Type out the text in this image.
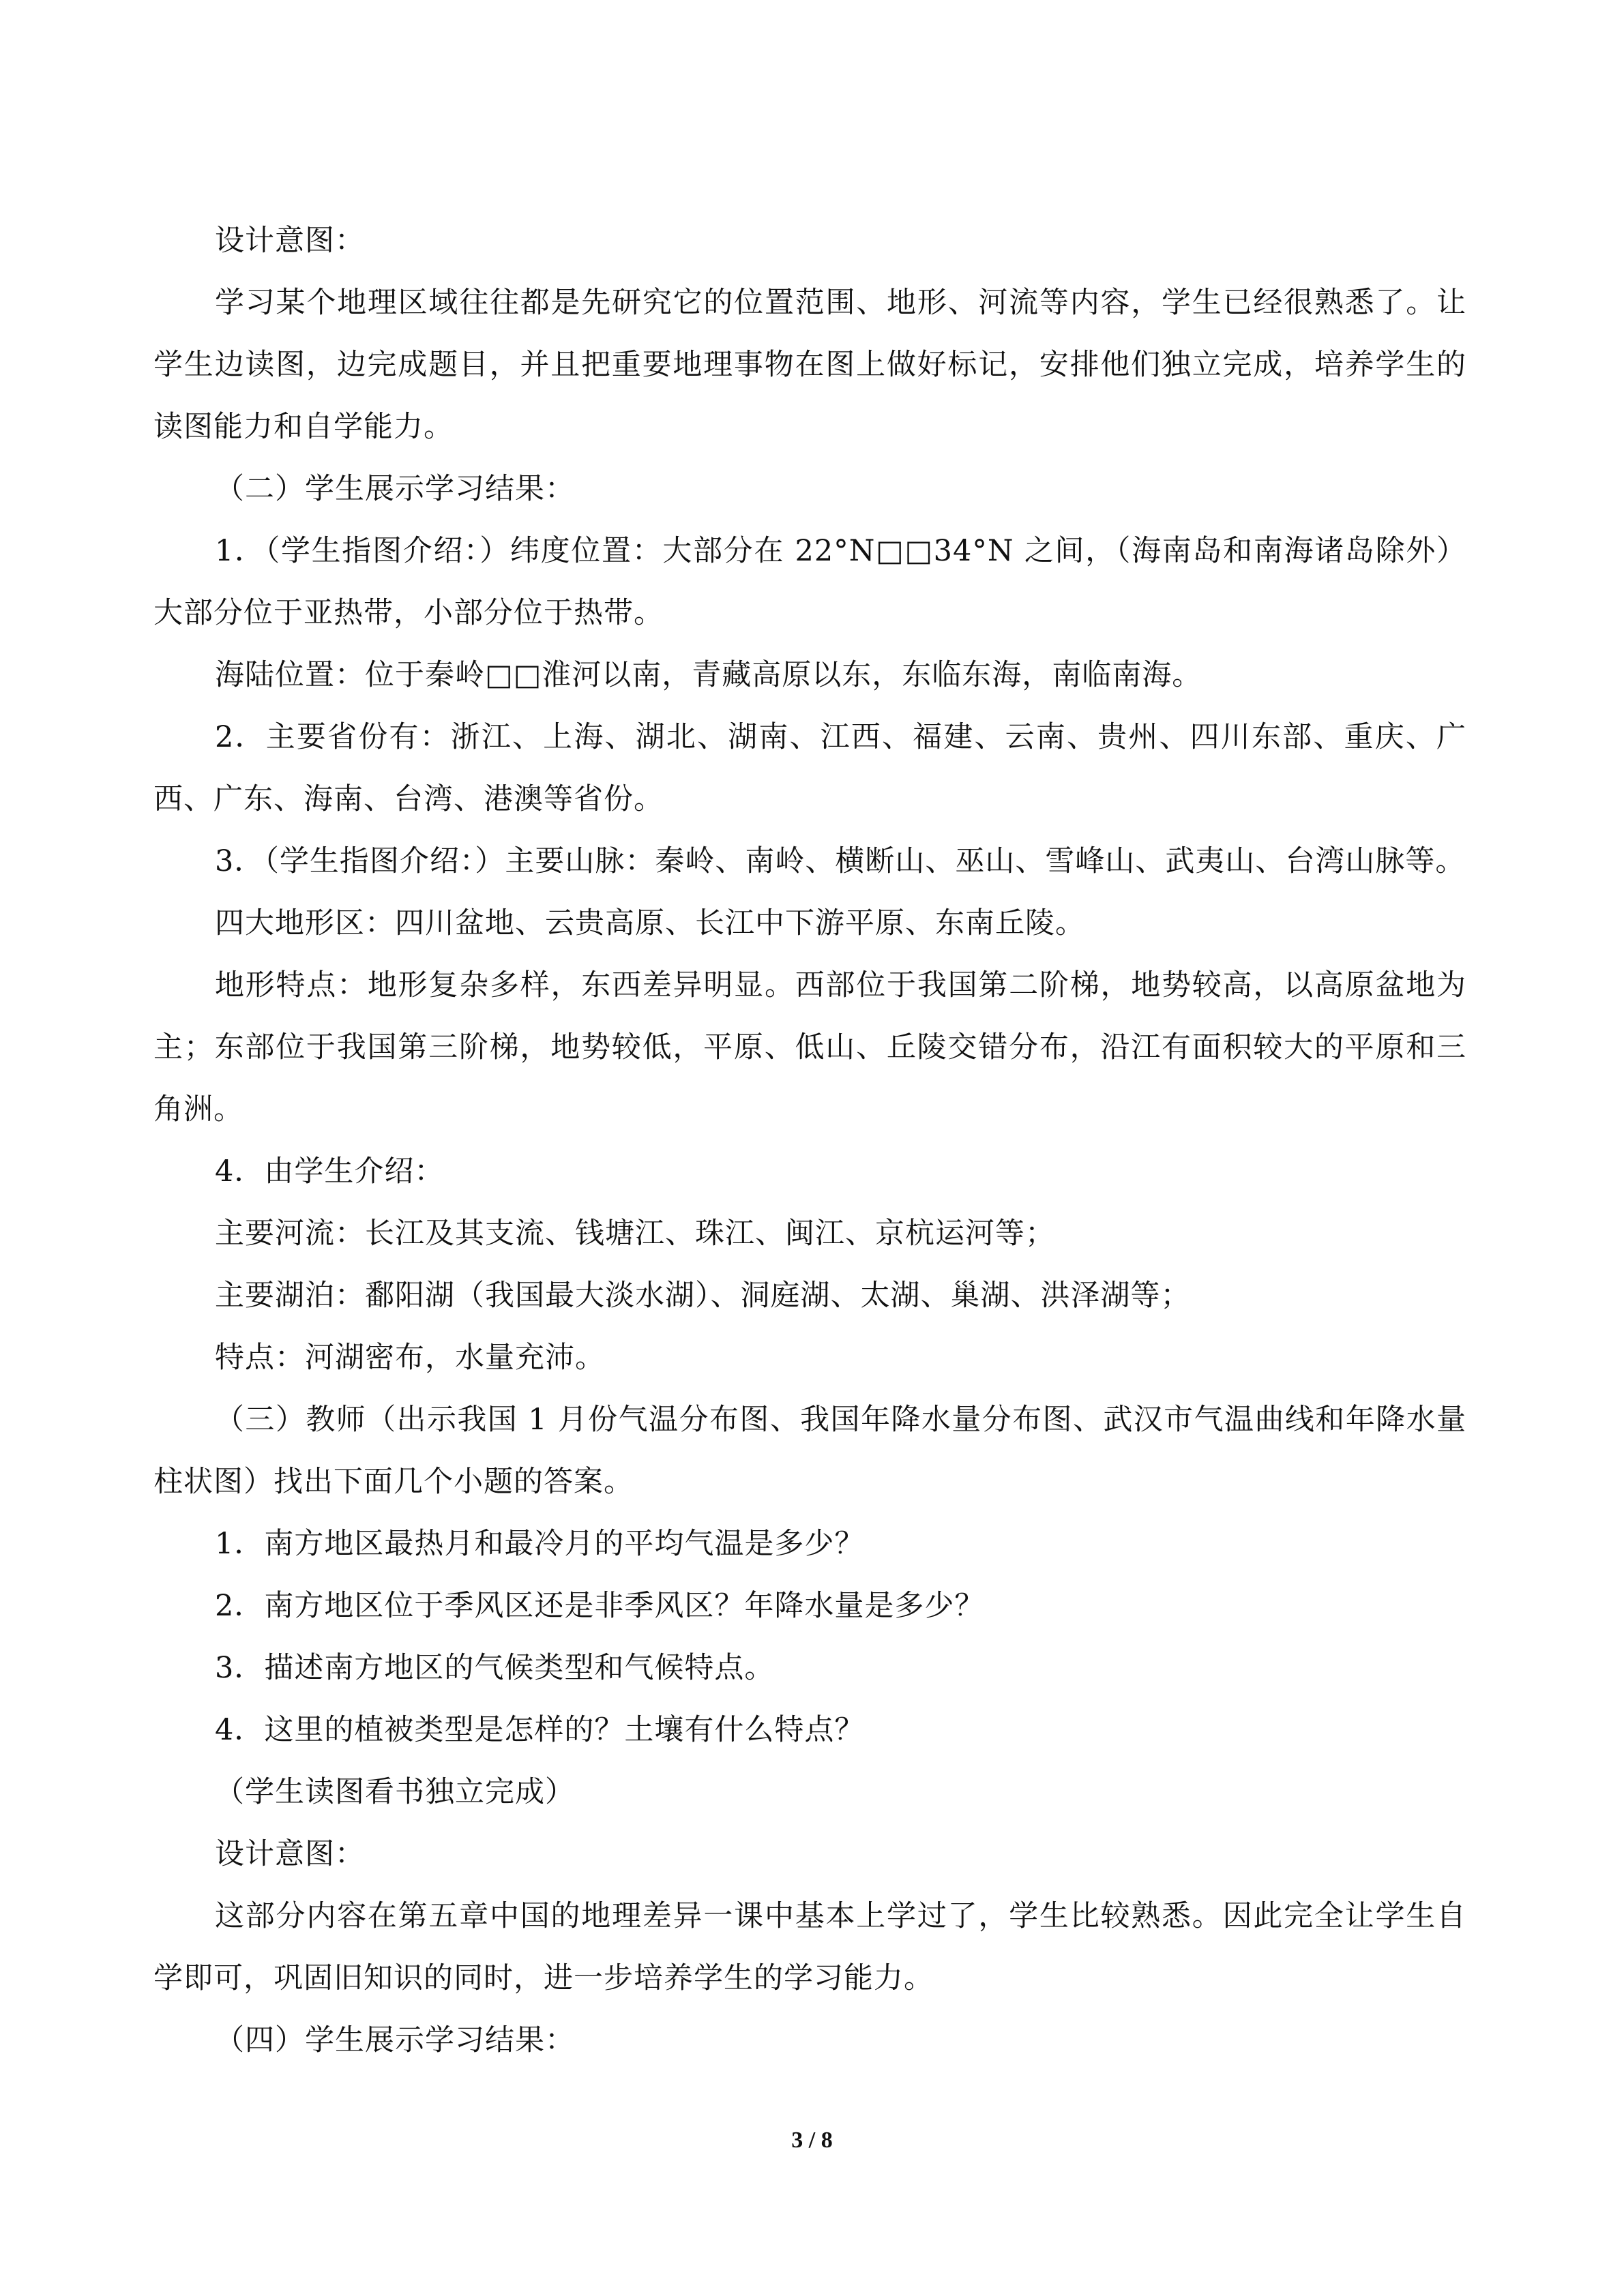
设计意图：

学习某个地理区域往往都是先研究它的位置范围、地形、河流等内容，学生已经很熟悉了。让学生边读图，边完成题目，并且把重要地理事物在图上做好标记，安排他们独立完成，培养学生的读图能力和自学能力。

（二）学生展示学习结果：

1．（学生指图介绍：）纬度位置：大部分在 22°N□□34°N 之间，（海南岛和南海诸岛除外）大部分位于亚热带，小部分位于热带。

海陆位置：位于秦岭□□淮河以南，青藏高原以东，东临东海，南临南海。

2．主要省份有：浙江、上海、湖北、湖南、江西、福建、云南、贵州、四川东部、重庆、广西、广东、海南、台湾、港澳等省份。

3．（学生指图介绍：）主要山脉：秦岭、南岭、横断山、巫山、雪峰山、武夷山、台湾山脉等。

四大地形区：四川盆地、云贵高原、长江中下游平原、东南丘陵。

地形特点：地形复杂多样，东西差异明显。西部位于我国第二阶梯，地势较高，以高原盆地为主；东部位于我国第三阶梯，地势较低，平原、低山、丘陵交错分布，沿江有面积较大的平原和三角洲。

4．由学生介绍：

主要河流：长江及其支流、钱塘江、珠江、闽江、京杭运河等；

主要湖泊：鄱阳湖（我国最大淡水湖）、洞庭湖、太湖、巢湖、洪泽湖等；

特点：河湖密布，水量充沛。

（三）教师（出示我国 1 月份气温分布图、我国年降水量分布图、武汉市气温曲线和年降水量柱状图）找出下面几个小题的答案。

1．南方地区最热月和最冷月的平均气温是多少？

2．南方地区位于季风区还是非季风区？年降水量是多少？

3．描述南方地区的气候类型和气候特点。

4．这里的植被类型是怎样的？土壤有什么特点？

（学生读图看书独立完成）

设计意图：

这部分内容在第五章中国的地理差异一课中基本上学过了，学生比较熟悉。因此完全让学生自学即可，巩固旧知识的同时，进一步培养学生的学习能力。

（四）学生展示学习结果：

3 / 8
